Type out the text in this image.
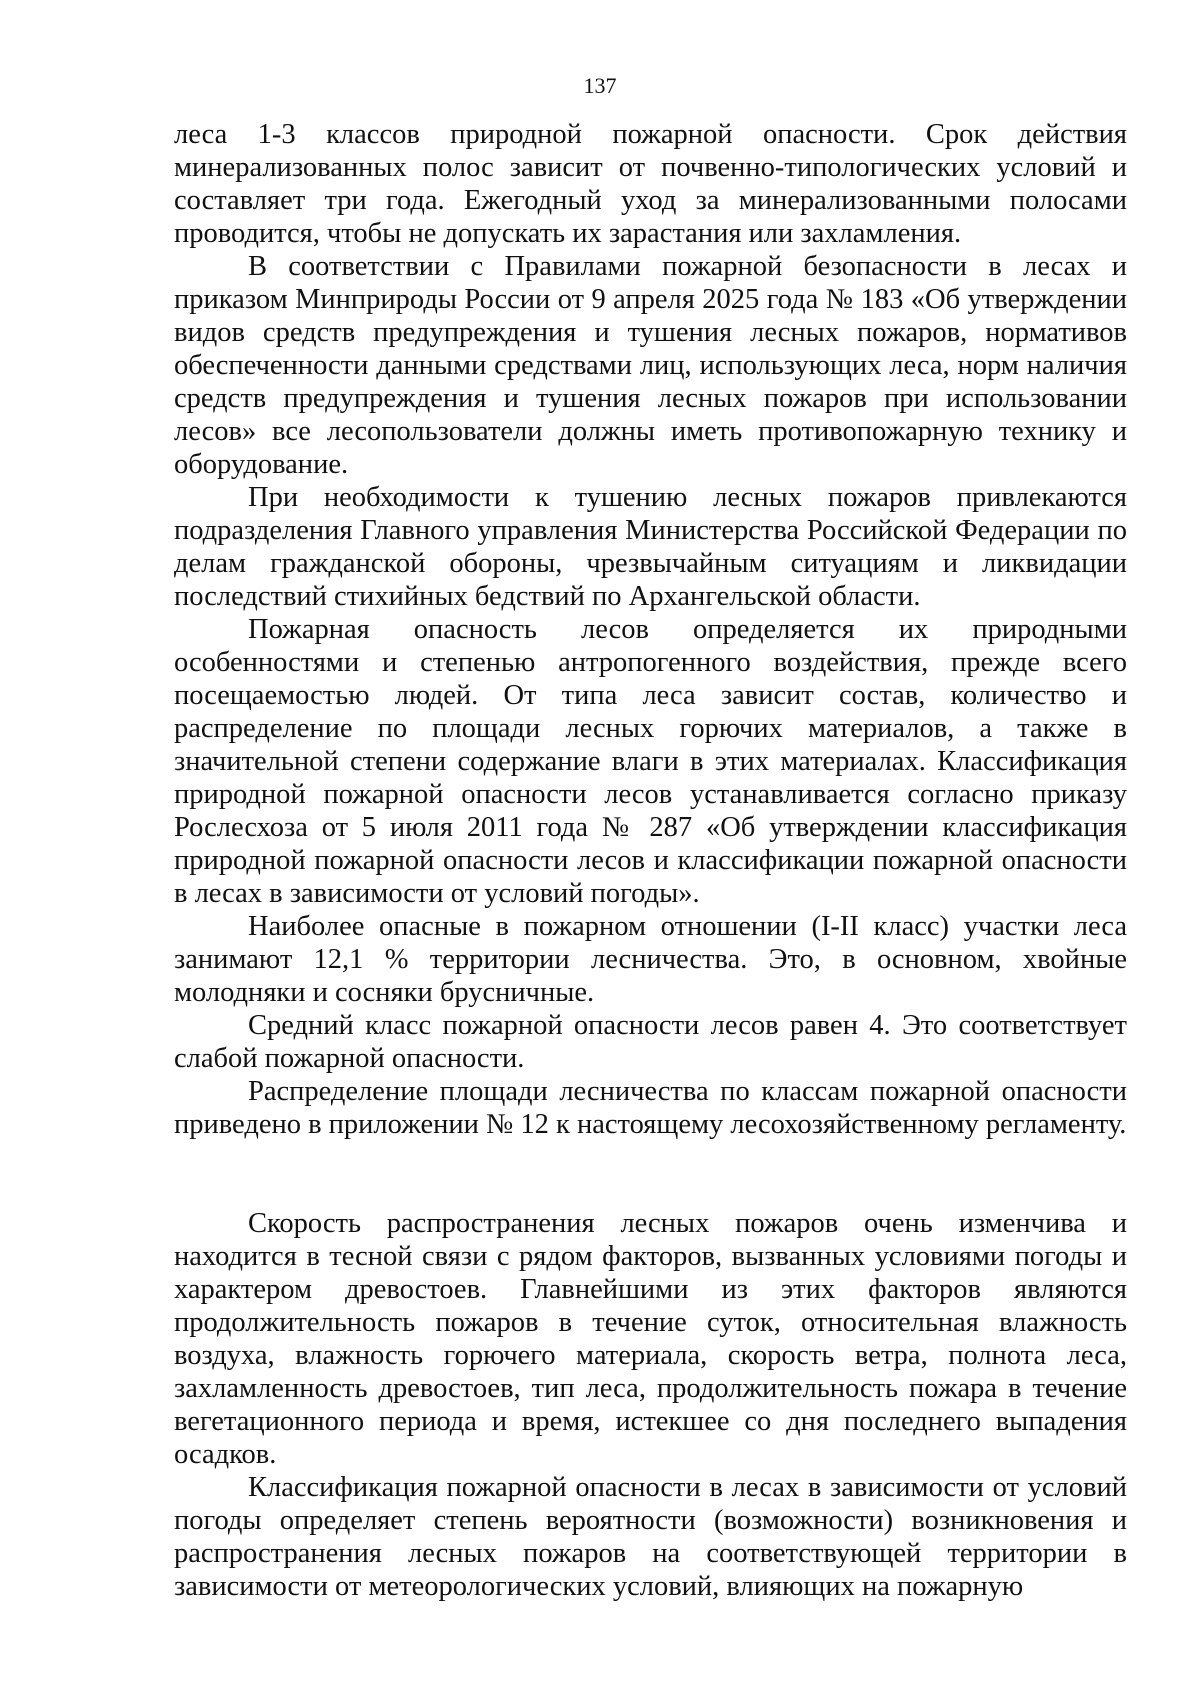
137

леса 1-3 классов природной пожарной опасности. Срок действия минерализованных полос зависит от почвенно-типологических условий и составляет три года. Ежегодный уход за минерализованными полосами проводится, чтобы не допускать их зарастания или захламления.

В соответствии с Правилами пожарной безопасности в лесах и приказом Минприроды России от 9 апреля 2025 года № 183 «Об утверждении видов средств предупреждения и тушения лесных пожаров, нормативов обеспеченности данными средствами лиц, использующих леса, норм наличия средств предупреждения и тушения лесных пожаров при использовании лесов» все лесопользователи должны иметь противопожарную технику и оборудование.

При необходимости к тушению лесных пожаров привлекаются подразделения Главного управления Министерства Российской Федерации по делам гражданской обороны, чрезвычайным ситуациям и ликвидации последствий стихийных бедствий по Архангельской области.

Пожарная опасность лесов определяется их природными особенностями и степенью антропогенного воздействия, прежде всего посещаемостью людей. От типа леса зависит состав, количество и распределение по площади лесных горючих материалов, а также в значительной степени содержание влаги в этих материалах. Классификация природной пожарной опасности лесов устанавливается согласно приказу Рослесхоза от 5 июля 2011 года № 287 «Об утверждении классификация природной пожарной опасности лесов и классификации пожарной опасности в лесах в зависимости от условий погоды».

Наиболее опасные в пожарном отношении (I-II класс) участки леса занимают 12,1 % территории лесничества. Это, в основном, хвойные молодняки и сосняки брусничные.

Средний класс пожарной опасности лесов равен 4. Это соответствует слабой пожарной опасности.

Распределение площади лесничества по классам пожарной опасности приведено в приложении № 12 к настоящему лесохозяйственному регламенту.

Скорость распространения лесных пожаров очень изменчива и находится в тесной связи с рядом факторов, вызванных условиями погоды и характером древостоев. Главнейшими из этих факторов являются продолжительность пожаров в течение суток, относительная влажность воздуха, влажность горючего материала, скорость ветра, полнота леса, захламленность древостоев, тип леса, продолжительность пожара в течение вегетационного периода и время, истекшее со дня последнего выпадения осадков.

Классификация пожарной опасности в лесах в зависимости от условий погоды определяет степень вероятности (возможности) возникновения и распространения лесных пожаров на соответствующей территории в зависимости от метеорологических условий, влияющих на пожарную
